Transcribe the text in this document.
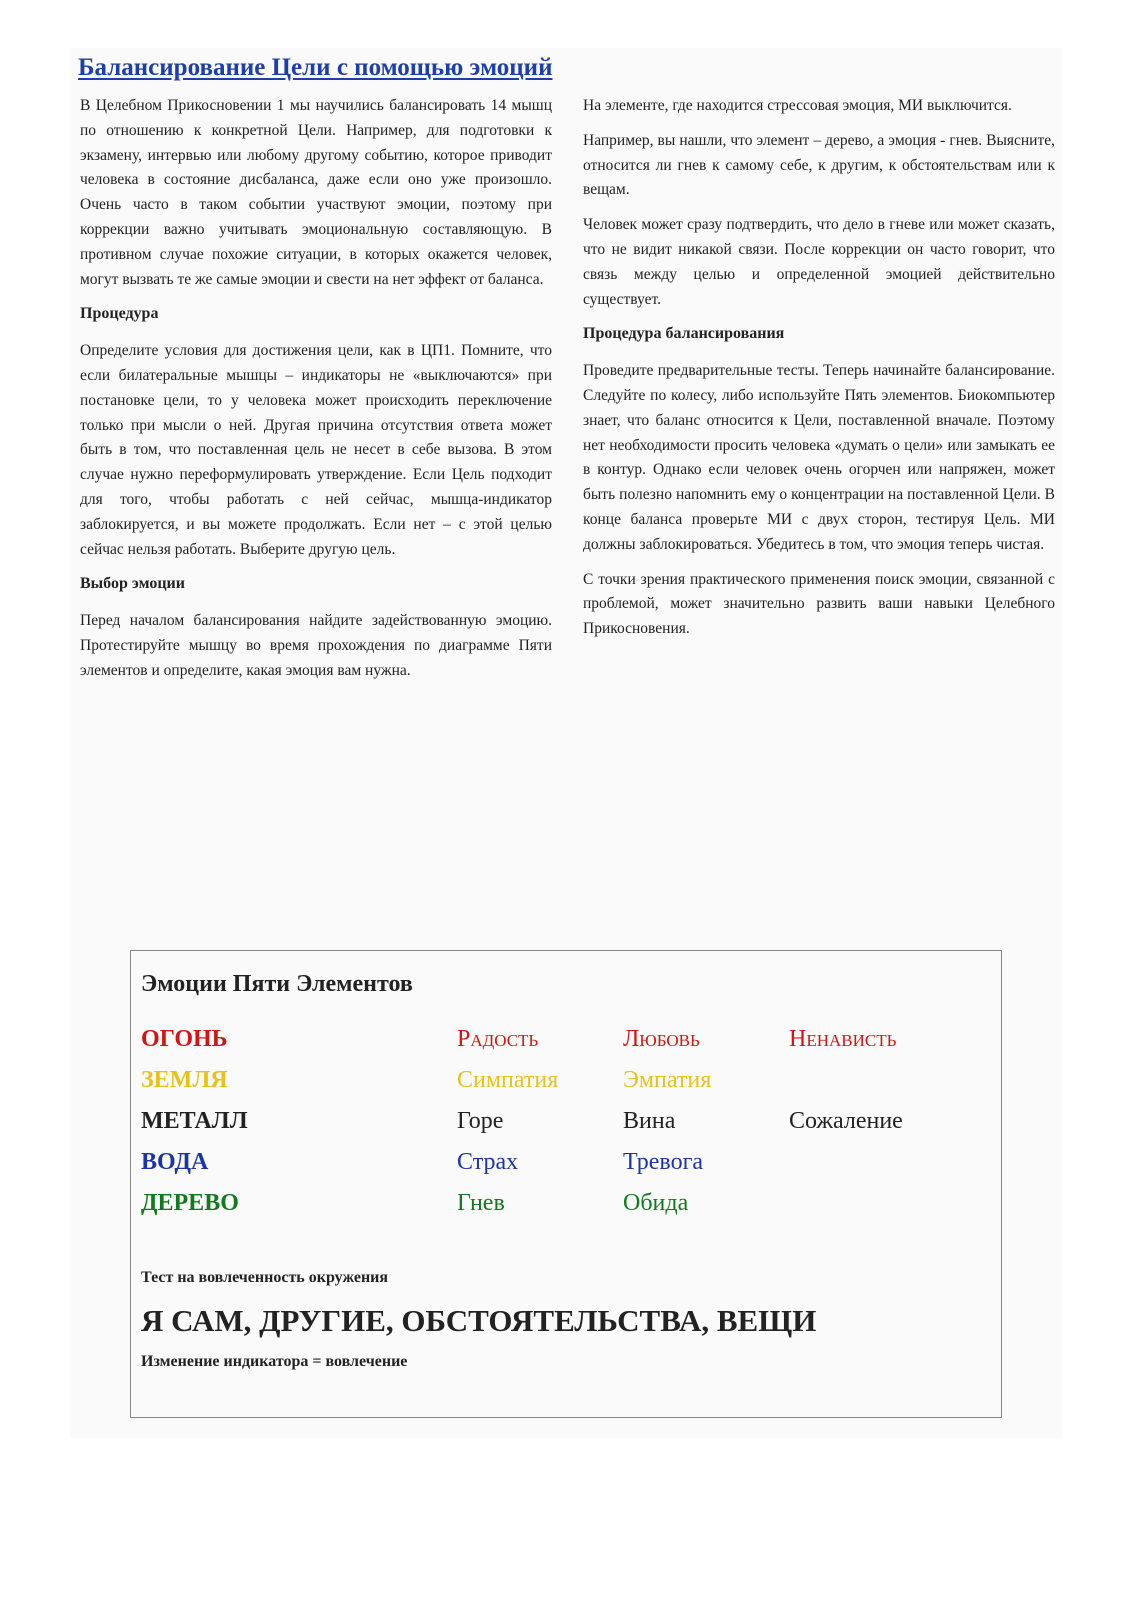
Балансирование Цели с помощью эмоций

В Целебном Прикосновении 1 мы научились балансировать 14 мышц по отношению к конкретной Цели. Например, для подготовки к экзамену, интервью или любому другому событию, которое приводит человека в состояние дисбаланса, даже если оно уже произошло. Очень часто в таком событии участвуют эмоции, поэтому при коррекции важно учитывать эмоциональную составляющую. В противном случае похожие ситуации, в которых окажется человек, могут вызвать те же самые эмоции и свести на нет эффект от баланса.

Процедура

Определите условия для достижения цели, как в ЦП1. Помните, что если билатеральные мышцы – индикаторы не «выключаются» при постановке цели, то у человека может происходить переключение только при мысли о ней. Другая причина отсутствия ответа может быть в том, что поставленная цель не несет в себе вызова. В этом случае нужно переформулировать утверждение. Если Цель подходит для того, чтобы работать с ней сейчас, мышца-индикатор заблокируется, и вы можете продолжать. Если нет – с этой целью сейчас нельзя работать. Выберите другую цель.

Выбор эмоции

Перед началом балансирования найдите задействованную эмоцию. Протестируйте мышцу во время прохождения по диаграмме Пяти элементов и определите, какая эмоция вам нужна.

На элементе, где находится стрессовая эмоция, МИ выключится.

Например, вы нашли, что элемент – дерево, а эмоция - гнев. Выясните, относится ли гнев к самому себе, к другим, к обстоятельствам или к вещам.

Человек может сразу подтвердить, что дело в гневе или может сказать, что не видит никакой связи. После коррекции он часто говорит, что связь между целью и определенной эмоцией действительно существует.

Процедура балансирования

Проведите предварительные тесты. Теперь начинайте балансирование. Следуйте по колесу, либо используйте Пять элементов. Биокомпьютер знает, что баланс относится к Цели, поставленной вначале. Поэтому нет необходимости просить человека «думать о цели» или замыкать ее в контур. Однако если человек очень огорчен или напряжен, может быть полезно напомнить ему о концентрации на поставленной Цели. В конце баланса проверьте МИ с двух сторон, тестируя Цель. МИ должны заблокироваться. Убедитесь в том, что эмоция теперь чистая.

С точки зрения практического применения поиск эмоции, связанной с проблемой, может значительно развить ваши навыки Целебного Прикосновения.

Эмоции Пяти Элементов
ОГОНЬ	Радость	Любовь	Ненависть
ЗЕМЛЯ	Симпатия	Эмпатия	
МЕТАЛЛ	Горе	Вина	Сожаление
ВОДА	Страх	Тревога	
ДЕРЕВО	Гнев	Обида	
Тест на вовлеченность окружения
Я САМ, ДРУГИЕ, ОБСТОЯТЕЛЬСТВА, ВЕЩИ
Изменение индикатора = вовлечение
